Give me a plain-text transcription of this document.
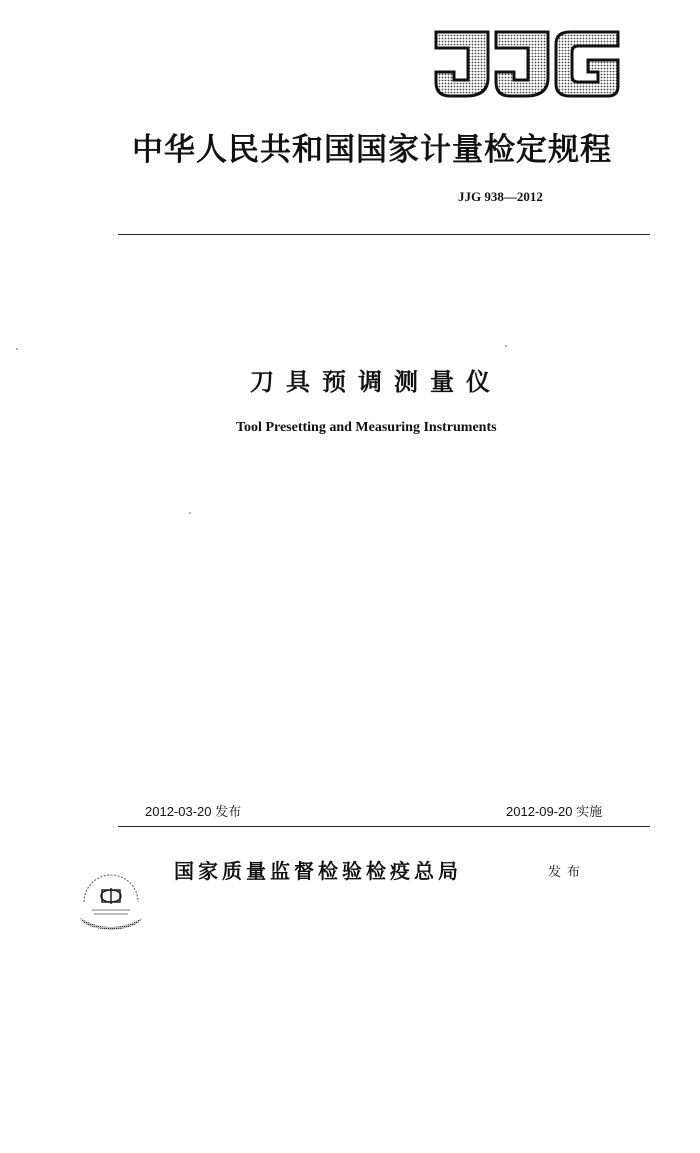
中华人民共和国国家计量检定规程
JJG 938—2012
刀具预调测量仪
Tool Presetting and Measuring Instruments
2012-03-20 发布	2012-09-20 实施
国家质量监督检验检疫总局	发布
